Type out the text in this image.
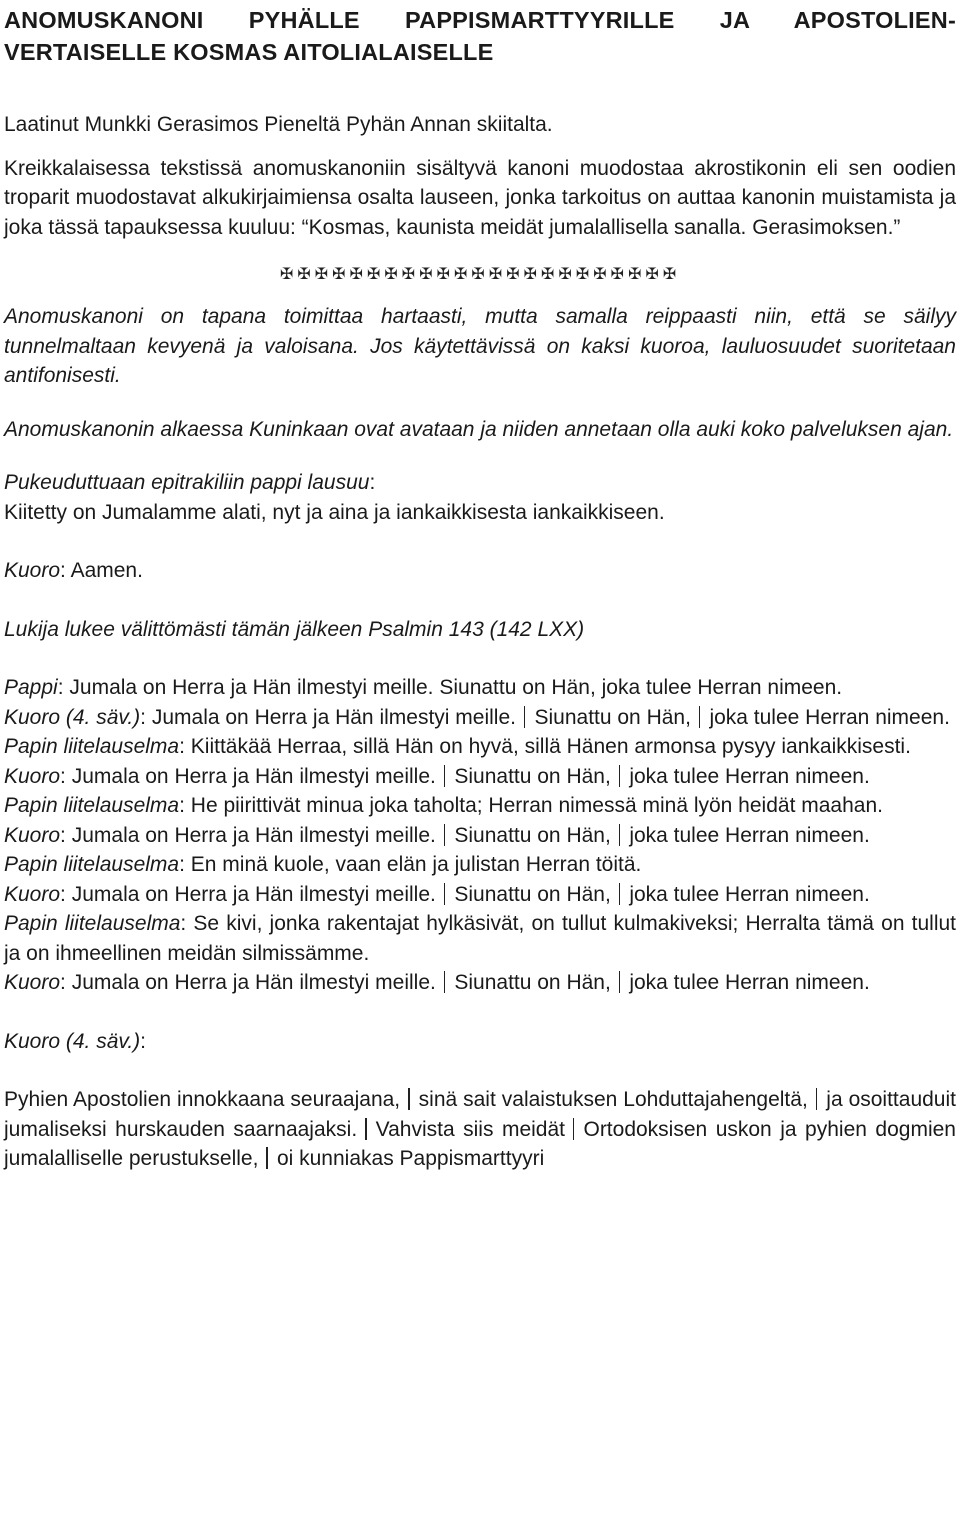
ANOMUSKANONI PYHÄLLE PAPPISMARTTYYRILLE JA APOSTOLIEN-VERTAISELLE KOSMAS AITOLIALAISELLE

Laatinut Munkki Gerasimos Pieneltä Pyhän Annan skiitalta.

Kreikkalaisessa tekstissä anomuskanoniin sisältyvä kanoni muodostaa akrostikonin eli sen oodien troparit muodostavat alkukirjaimiensa osalta lauseen, jonka tarkoitus on auttaa kanonin muistamista ja joka tässä tapauksessa kuuluu: “Kosmas, kaunista meidät jumalallisella sanalla. Gerasimoksen.”

✠✠✠✠✠✠✠✠✠✠✠✠✠✠✠✠✠✠✠✠✠✠✠

Anomuskanoni on tapana toimittaa hartaasti, mutta samalla reippaasti niin, että se säilyy tunnelmaltaan kevyenä ja valoisana. Jos käytettävissä on kaksi kuoroa, lauluosuudet suoritetaan antifonisesti.

Anomuskanonin alkaessa Kuninkaan ovat avataan ja niiden annetaan olla auki koko palveluksen ajan.

Pukeuduttuaan epitrakiliin pappi lausuu:
Kiitetty on Jumalamme alati, nyt ja aina ja iankaikkisesta iankaikkiseen.

Kuoro: Aamen.

Lukija lukee välittömästi tämän jälkeen Psalmin 143 (142 LXX)

Pappi: Jumala on Herra ja Hän ilmestyi meille. Siunattu on Hän, joka tulee Herran nimeen.

Kuoro (4. säv.): Jumala on Herra ja Hän ilmestyi meille. Siunattu on Hän, joka tulee Herran nimeen.

Papin liitelauselma: Kiittäkää Herraa, sillä Hän on hyvä, sillä Hänen armonsa pysyy iankaikkisesti.

Kuoro: Jumala on Herra ja Hän ilmestyi meille. Siunattu on Hän, joka tulee Herran nimeen.

Papin liitelauselma: He piirittivät minua joka taholta; Herran nimessä minä lyön heidät maahan.

Kuoro: Jumala on Herra ja Hän ilmestyi meille. Siunattu on Hän, joka tulee Herran nimeen.

Papin liitelauselma: En minä kuole, vaan elän ja julistan Herran töitä.

Kuoro: Jumala on Herra ja Hän ilmestyi meille. Siunattu on Hän, joka tulee Herran nimeen.

Papin liitelauselma: Se kivi, jonka rakentajat hylkäsivät, on tullut kulmakiveksi; Herralta tämä on tullut ja on ihmeellinen meidän silmissämme.

Kuoro: Jumala on Herra ja Hän ilmestyi meille. Siunattu on Hän, joka tulee Herran nimeen.

Kuoro (4. säv.):

Pyhien Apostolien innokkaana seuraajana, sinä sait valaistuksen Lohduttajahengeltä, ja osoittauduit jumaliseksi hurskauden saarnaajaksi. Vahvista siis meidät Ortodoksisen uskon ja pyhien dogmien jumalalliselle perustukselle, oi kunniakas Pappismarttyyri
